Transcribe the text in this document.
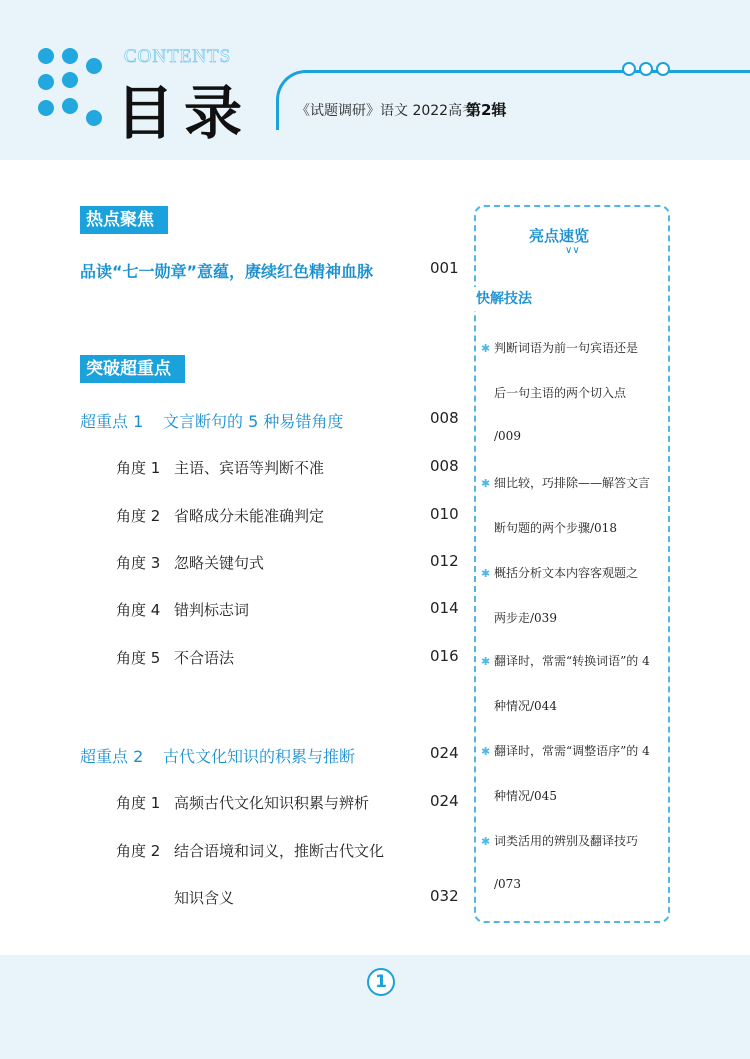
CONTENTS
目录	《试题调研》语文 2022高考
第2辑
热点聚焦
品读“七一勋章”意蕴，赓续红色精神血脉	001
突破超重点
超重点 1 文言断句的 5 种易错角度	008
角度 1 主语、宾语等判断不准	008
角度 2 省略成分未能准确判定	010
角度 3 忽略关键句式	012
角度 4 错判标志词	014
角度 5 不合语法	016
超重点 2 古代文化知识的积累与推断	024
角度 1 高频古代文化知识积累与辨析	024
角度 2 结合语境和词义，推断古代文化
知识含义	032
亮点速览
∨∨
快解技法
✱ 判断词语为前一句宾语还是
后一句主语的两个切入点
/009
✱ 细比较，巧排除——解答文言
断句题的两个步骤/018
✱ 概括分析文本内容客观题之
两步走/039
✱ 翻译时，常需“转换词语”的 4
种情况/044
✱ 翻译时，常需“调整语序”的 4
种情况/045
✱ 词类活用的辨别及翻译技巧
/073
1
